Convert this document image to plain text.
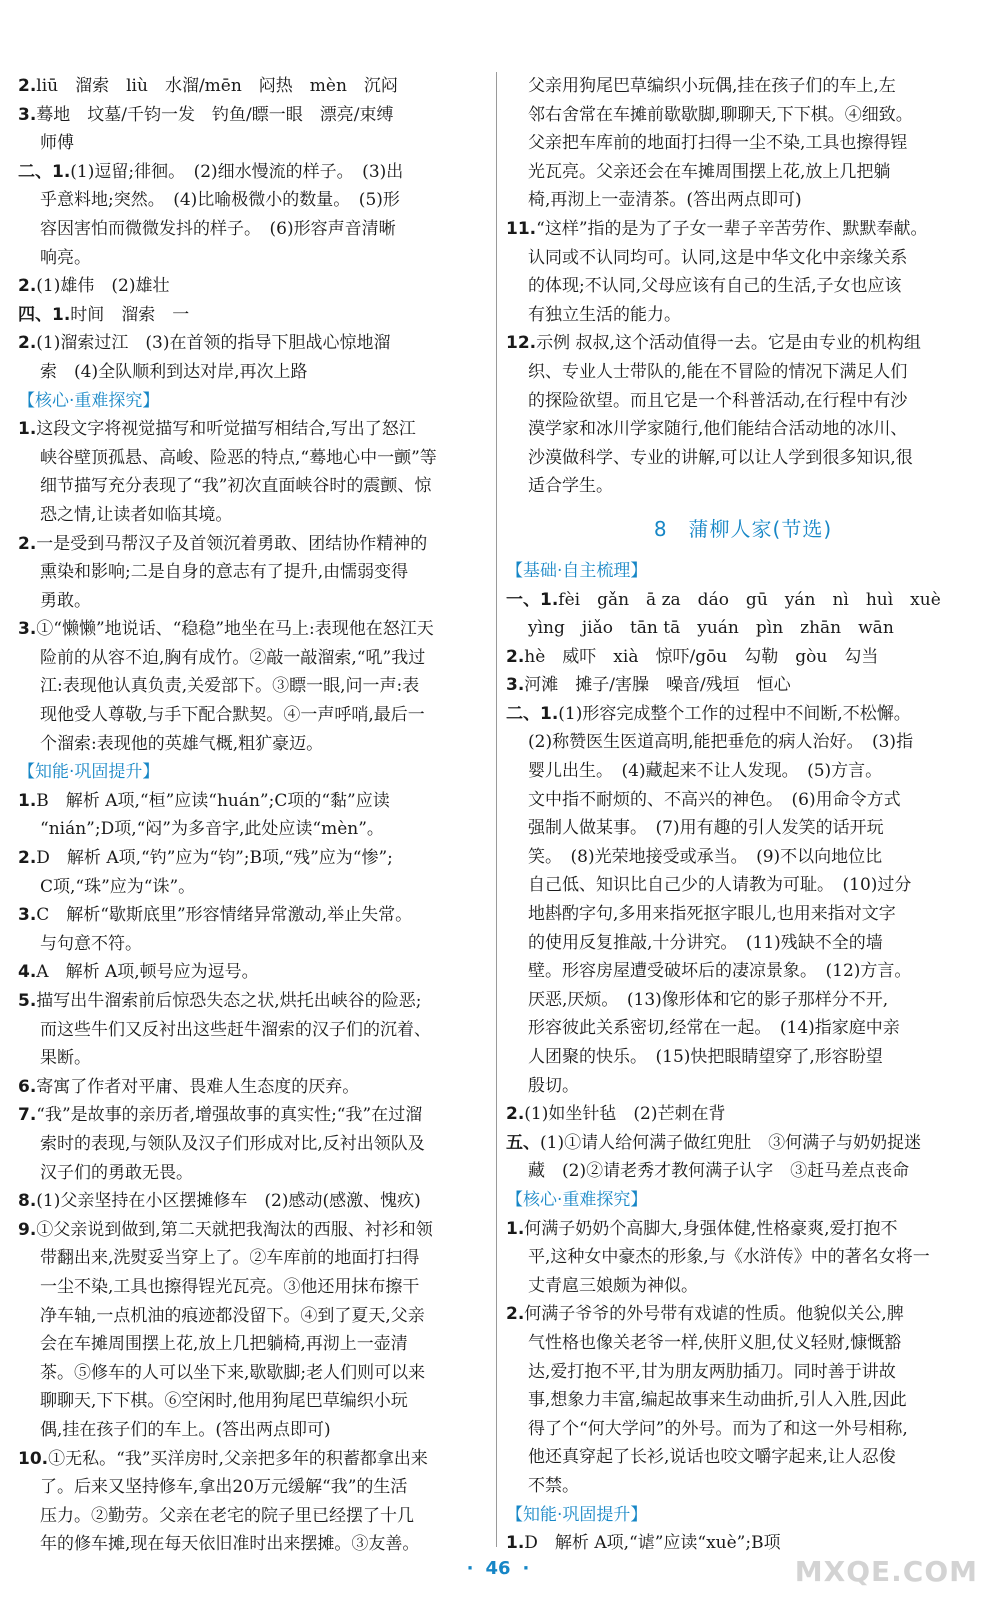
2.liū　溜索　liù　水溜/mēn　闷热　mèn　沉闷
3.蓦地　坟墓/千钧一发　钓鱼/瞟一眼　漂亮/束缚
师傅
二、1.(1)逗留;徘徊。　(2)细水慢流的样子。　(3)出
乎意料地;突然。　(4)比喻极微小的数量。　(5)形
容因害怕而微微发抖的样子。　(6)形容声音清晰
响亮。
2.(1)雄伟　(2)雄壮
四、1.时间　溜索　一
2.(1)溜索过江　(3)在首领的指导下胆战心惊地溜
索　(4)全队顺利到达对岸,再次上路
【核心·重难探究】
1.这段文字将视觉描写和听觉描写相结合,写出了怒江
峡谷壁顶孤悬、高峻、险恶的特点,“蓦地心中一颤”等
细节描写充分表现了“我”初次直面峡谷时的震颤、惊
恐之情,让读者如临其境。
2.一是受到马帮汉子及首领沉着勇敢、团结协作精神的
熏染和影响;二是自身的意志有了提升,由懦弱变得
勇敢。
3.①“懒懒”地说话、“稳稳”地坐在马上:表现他在怒江天
险前的从容不迫,胸有成竹。②敲一敲溜索,“吼”我过
江:表现他认真负责,关爱部下。③瞟一眼,问一声:表
现他受人尊敬,与手下配合默契。④一声呼哨,最后一
个溜索:表现他的英雄气概,粗犷豪迈。
【知能·巩固提升】
1.B　解析 A项,“桓”应读“huán”;C项的“黏”应读
“nián”;D项,“闷”为多音字,此处应读“mèn”。
2.D　解析 A项,“钓”应为“钧”;B项,“残”应为“惨”;
C项,“珠”应为“诛”。
3.C　解析“歇斯底里”形容情绪异常激动,举止失常。
与句意不符。
4.A　解析 A项,顿号应为逗号。
5.描写出牛溜索前后惊恐失态之状,烘托出峡谷的险恶;
而这些牛们又反衬出这些赶牛溜索的汉子们的沉着、
果断。
6.寄寓了作者对平庸、畏难人生态度的厌弃。
7.“我”是故事的亲历者,增强故事的真实性;“我”在过溜
索时的表现,与领队及汉子们形成对比,反衬出领队及
汉子们的勇敢无畏。
8.(1)父亲坚持在小区摆摊修车　(2)感动(感激、愧疚)
9.①父亲说到做到,第二天就把我淘汰的西服、衬衫和领
带翻出来,洗熨妥当穿上了。②车库前的地面打扫得
一尘不染,工具也擦得锃光瓦亮。③他还用抹布擦干
净车轴,一点机油的痕迹都没留下。④到了夏天,父亲
会在车摊周围摆上花,放上几把躺椅,再沏上一壶清
茶。⑤修车的人可以坐下来,歇歇脚;老人们则可以来
聊聊天,下下棋。⑥空闲时,他用狗尾巴草编织小玩
偶,挂在孩子们的车上。(答出两点即可)
10.①无私。“我”买洋房时,父亲把多年的积蓄都拿出来
了。后来又坚持修车,拿出20万元缓解“我”的生活
压力。②勤劳。父亲在老宅的院子里已经摆了十几
年的修车摊,现在每天依旧准时出来摆摊。③友善。
父亲用狗尾巴草编织小玩偶,挂在孩子们的车上,左
邻右舍常在车摊前歇歇脚,聊聊天,下下棋。④细致。
父亲把车库前的地面打扫得一尘不染,工具也擦得锃
光瓦亮。父亲还会在车摊周围摆上花,放上几把躺
椅,再沏上一壶清茶。(答出两点即可)
11.“这样”指的是为了子女一辈子辛苦劳作、默默奉献。
认同或不认同均可。认同,这是中华文化中亲缘关系
的体现;不认同,父母应该有自己的生活,子女也应该
有独立生活的能力。
12.示例 叔叔,这个活动值得一去。它是由专业的机构组
织、专业人士带队的,能在不冒险的情况下满足人们
的探险欲望。而且它是一个科普活动,在行程中有沙
漠学家和冰川学家随行,他们能结合活动地的冰川、
沙漠做科学、专业的讲解,可以让人学到很多知识,很
适合学生。
8　蒲柳人家(节选)
【基础·自主梳理】
一、1.fèi　gǎn　ā za　dáo　gū　yán　nì　huì　xuè
yìng　jiǎo　tān tā　yuán　pìn　zhān　wān
2.hè　威吓　xià　惊吓/gōu　勾勒　gòu　勾当
3.河滩　摊子/害臊　噪音/残垣　恒心
二、1.(1)形容完成整个工作的过程中不间断,不松懈。
(2)称赞医生医道高明,能把垂危的病人治好。　(3)指
婴儿出生。　(4)藏起来不让人发现。　(5)方言。
文中指不耐烦的、不高兴的神色。　(6)用命令方式
强制人做某事。　(7)用有趣的引人发笑的话开玩
笑。　(8)光荣地接受或承当。　(9)不以向地位比
自己低、知识比自己少的人请教为可耻。　(10)过分
地斟酌字句,多用来指死抠字眼儿,也用来指对文字
的使用反复推敲,十分讲究。　(11)残缺不全的墙
壁。形容房屋遭受破坏后的凄凉景象。　(12)方言。
厌恶,厌烦。　(13)像形体和它的影子那样分不开,
形容彼此关系密切,经常在一起。　(14)指家庭中亲
人团聚的快乐。　(15)快把眼睛望穿了,形容盼望
殷切。
2.(1)如坐针毡　(2)芒刺在背
五、(1)①请人给何满子做红兜肚　③何满子与奶奶捉迷
藏　(2)②请老秀才教何满子认字　③赶马差点丧命
【核心·重难探究】
1.何满子奶奶个高脚大,身强体健,性格豪爽,爱打抱不
平,这种女中豪杰的形象,与《水浒传》中的著名女将一
丈青扈三娘颇为神似。
2.何满子爷爷的外号带有戏谑的性质。他貌似关公,脾
气性格也像关老爷一样,侠肝义胆,仗义轻财,慷慨豁
达,爱打抱不平,甘为朋友两肋插刀。同时善于讲故
事,想象力丰富,编起故事来生动曲折,引人入胜,因此
得了个“何大学问”的外号。而为了和这一外号相称,
他还真穿起了长衫,说话也咬文嚼字起来,让人忍俊
不禁。
【知能·巩固提升】
1.D　解析 A项,“谑”应读“xuè”;B项
· 46 ·	MXQE.COM
